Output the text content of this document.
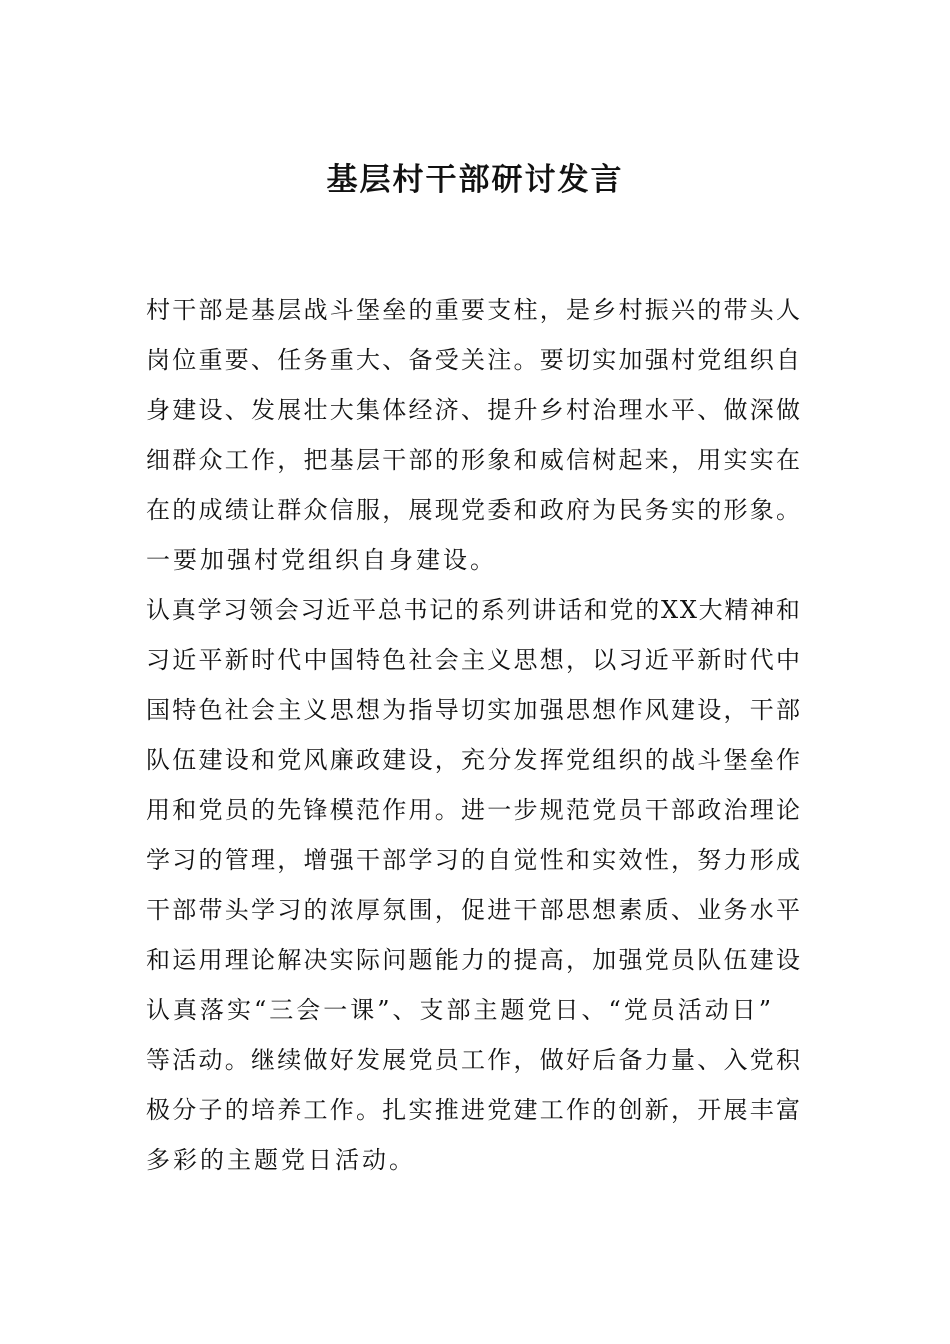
基层村干部研讨发言
村干部是基层战斗堡垒的重要支柱，是乡村振兴的带头人
岗位重要、任务重大、备受关注。要切实加强村党组织自
身建设、发展壮大集体经济、提升乡村治理水平、做深做
细群众工作，把基层干部的形象和威信树起来，用实实在
在的成绩让群众信服，展现党委和政府为民务实的形象。
一要加强村党组织自身建设。
认真学习领会习近平总书记的系列讲话和党的XX大精神和
习近平新时代中国特色社会主义思想，以习近平新时代中
国特色社会主义思想为指导切实加强思想作风建设，干部
队伍建设和党风廉政建设，充分发挥党组织的战斗堡垒作
用和党员的先锋模范作用。进一步规范党员干部政治理论
学习的管理，增强干部学习的自觉性和实效性，努力形成
干部带头学习的浓厚氛围，促进干部思想素质、业务水平
和运用理论解决实际问题能力的提高，加强党员队伍建设
认真落实“三会一课”、支部主题党日、“党员活动日”
等活动。继续做好发展党员工作，做好后备力量、入党积
极分子的培养工作。扎实推进党建工作的创新，开展丰富
多彩的主题党日活动。
